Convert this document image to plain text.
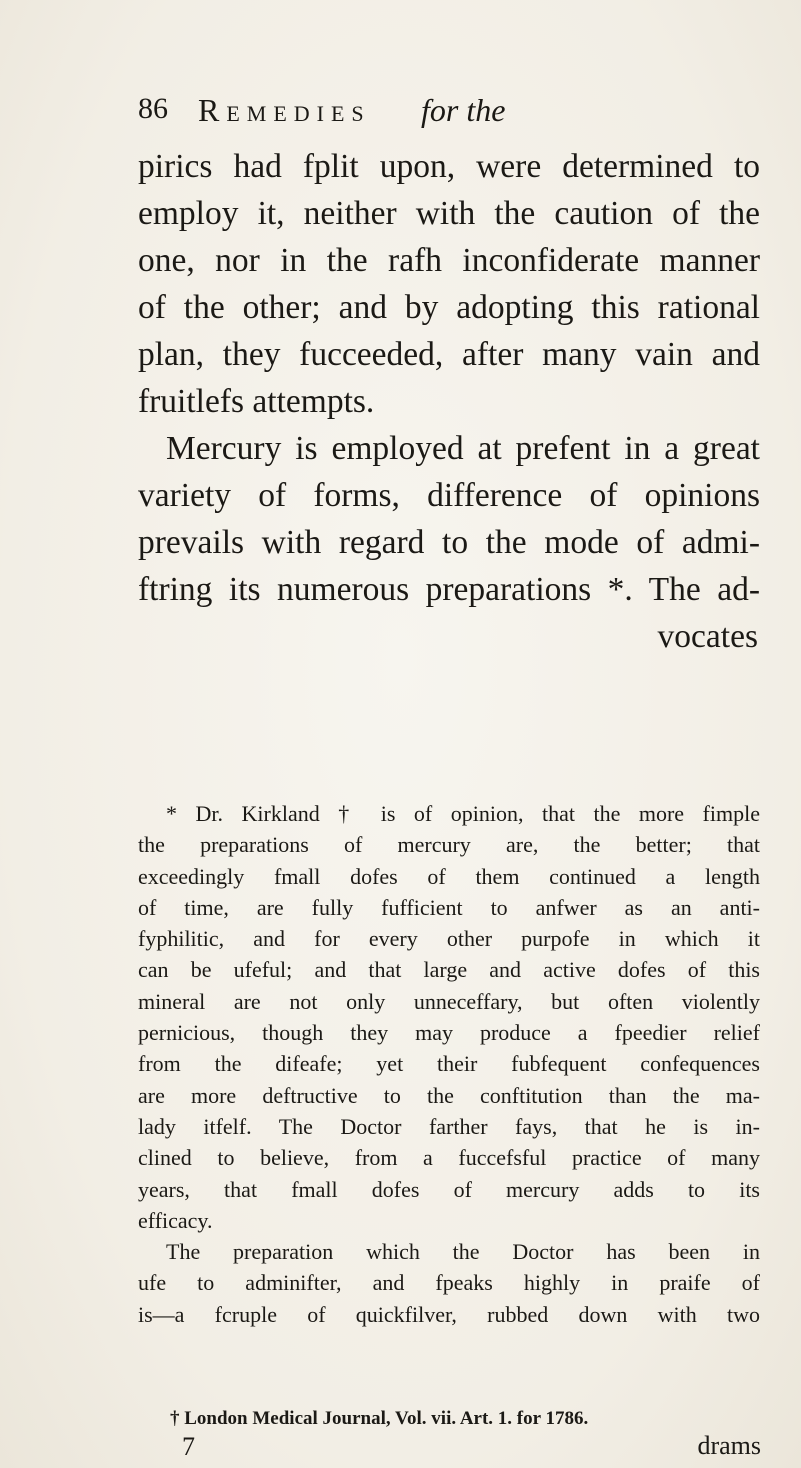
86 Remedies for the
pirics had fplit upon, were determined to
employ it, neither with the caution of the
one, nor in the rafh inconfiderate manner
of the other; and by adopting this rational
plan, they fucceeded, after many vain and
fruitlefs attempts.
Mercury is employed at prefent in a great
variety of forms, difference of opinions
prevails with regard to the mode of admi-
ftring its numerous preparations *. The ad-
vocates
* Dr. Kirkland † is of opinion, that the more fimple
the preparations of mercury are, the better; that
exceedingly fmall dofes of them continued a length
of time, are fully fufficient to anfwer as an anti-
fyphilitic, and for every other purpofe in which it
can be ufeful; and that large and active dofes of this
mineral are not only unneceffary, but often violently
pernicious, though they may produce a fpeedier relief
from the difeafe; yet their fubfequent confequences
are more deftructive to the conftitution than the ma-
lady itfelf. The Doctor farther fays, that he is in-
clined to believe, from a fuccefsful practice of many
years, that fmall dofes of mercury adds to its
efficacy.
The preparation which the Doctor has been in
ufe to adminifter, and fpeaks highly in praife of
is—a fcruple of quickfilver, rubbed down with two
† London Medical Journal, Vol. vii. Art. 1. for 1786.
7	drams
